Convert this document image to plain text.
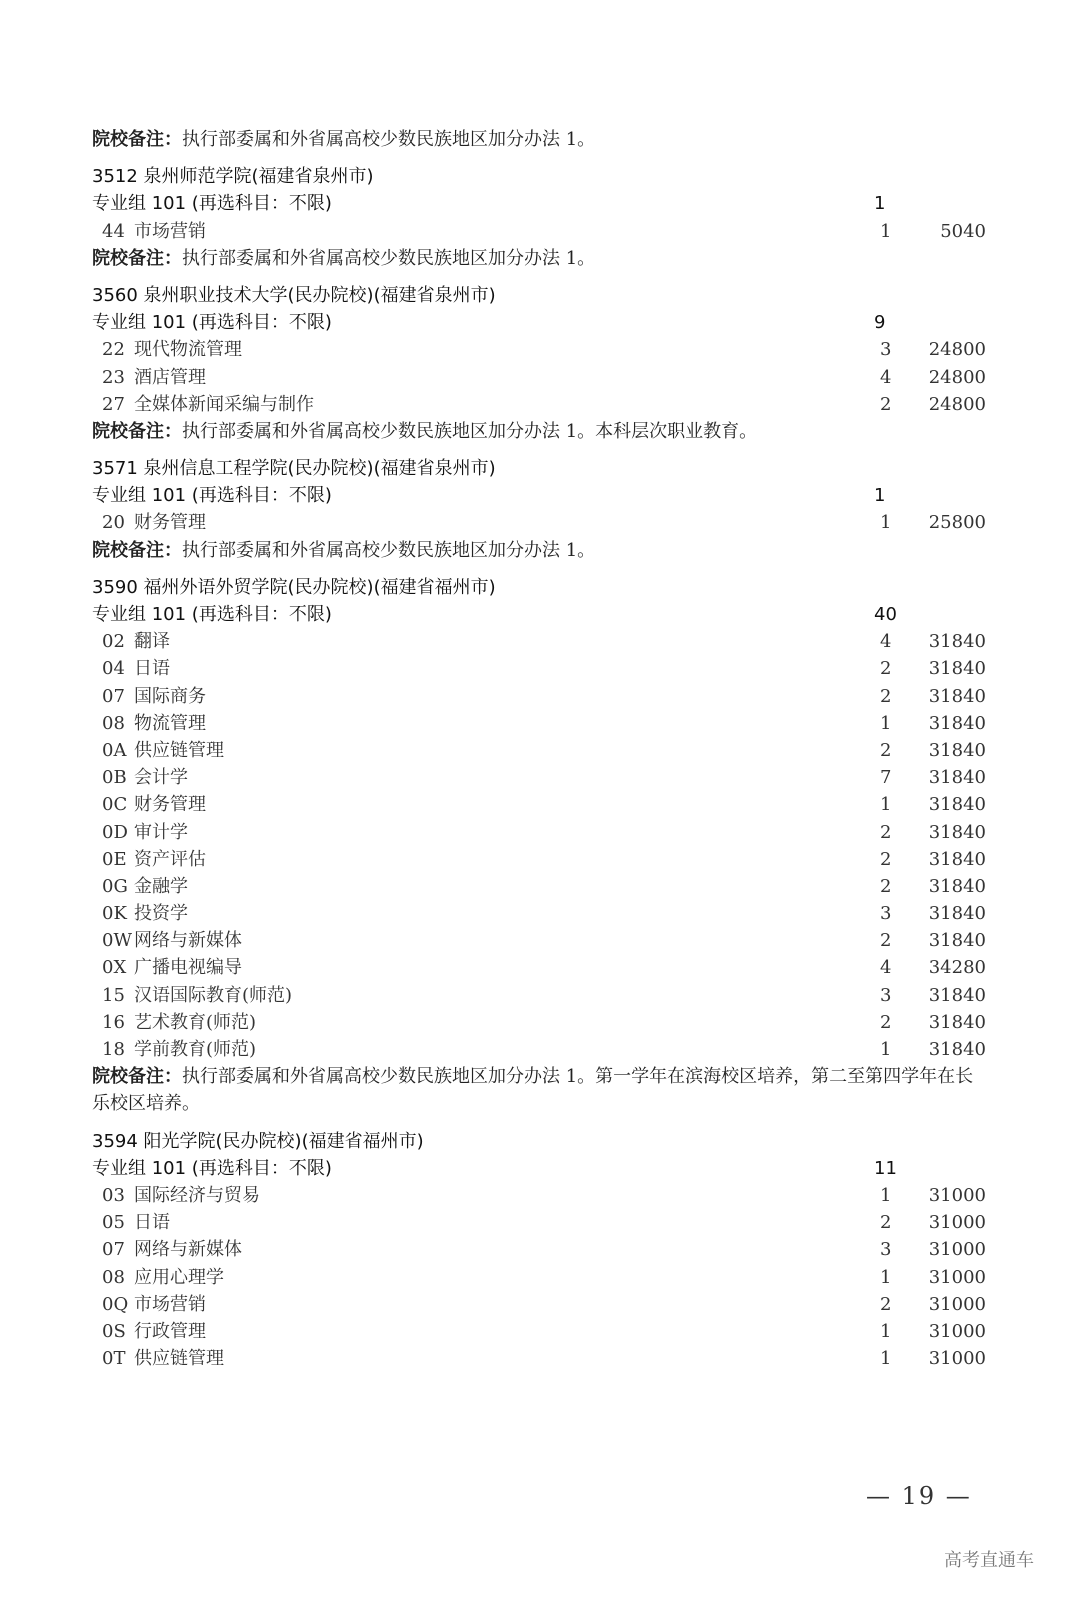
院校备注：执行部委属和外省属高校少数民族地区加分办法 1。
3512 泉州师范学院(福建省泉州市)
专业组 101 (再选科目：不限)	1
44 市场营销	1	5040
院校备注：执行部委属和外省属高校少数民族地区加分办法 1。
3560 泉州职业技术大学(民办院校)(福建省泉州市)
专业组 101 (再选科目：不限)	9
22 现代物流管理	3	24800
23 酒店管理	4	24800
27 全媒体新闻采编与制作	2	24800
院校备注：执行部委属和外省属高校少数民族地区加分办法 1。本科层次职业教育。
3571 泉州信息工程学院(民办院校)(福建省泉州市)
专业组 101 (再选科目：不限)	1
20 财务管理	1	25800
院校备注：执行部委属和外省属高校少数民族地区加分办法 1。
3590 福州外语外贸学院(民办院校)(福建省福州市)
专业组 101 (再选科目：不限)	40
02 翻译	4	31840
04 日语	2	31840
07 国际商务	2	31840
08 物流管理	1	31840
0A 供应链管理	2	31840
0B 会计学	7	31840
0C 财务管理	1	31840
0D 审计学	2	31840
0E 资产评估	2	31840
0G 金融学	2	31840
0K 投资学	3	31840
0W 网络与新媒体	2	31840
0X 广播电视编导	4	34280
15 汉语国际教育(师范)	3	31840
16 艺术教育(师范)	2	31840
18 学前教育(师范)	1	31840
院校备注：执行部委属和外省属高校少数民族地区加分办法 1。第一学年在滨海校区培养，第二至第四学年在长乐校区培养。
3594 阳光学院(民办院校)(福建省福州市)
专业组 101 (再选科目：不限)	11
03 国际经济与贸易	1	31000
05 日语	2	31000
07 网络与新媒体	3	31000
08 应用心理学	1	31000
0Q 市场营销	2	31000
0S 行政管理	1	31000
0T 供应链管理	1	31000
— 19 —
高考直通车
